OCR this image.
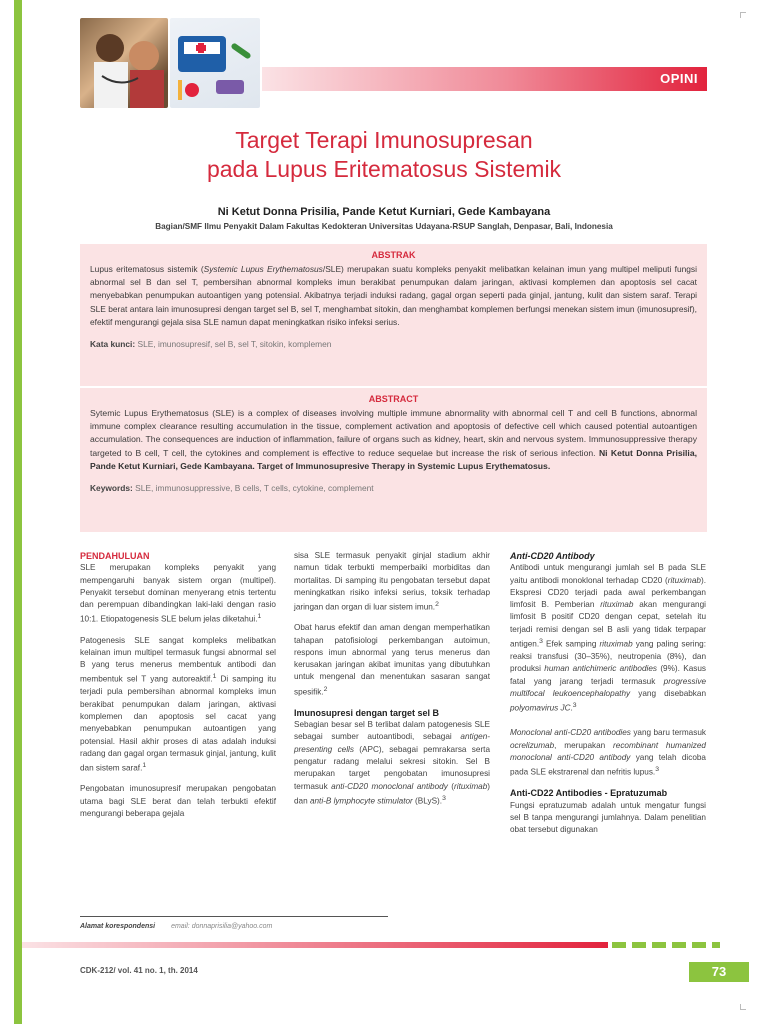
OPINI
Target Terapi Imunosupresan
pada Lupus Eritematosus Sistemik
Ni Ketut Donna Prisilia, Pande Ketut Kurniari, Gede Kambayana
Bagian/SMF Ilmu Penyakit Dalam Fakultas Kedokteran Universitas Udayana-RSUP Sanglah, Denpasar, Bali, Indonesia
ABSTRAK
Lupus eritematosus sistemik (Systemic Lupus Erythematosus/SLE) merupakan suatu kompleks penyakit melibatkan kelainan imun yang multipel meliputi fungsi abnormal sel B dan sel T, pembersihan abnormal kompleks imun berakibat penumpukan dalam jaringan, aktivasi komplemen dan apoptosis sel cacat menyebabkan penumpukan autoantigen yang potensial. Akibatnya terjadi induksi radang, gagal organ seperti pada ginjal, jantung, kulit dan sistem saraf. Terapi SLE berat antara lain imunosupresi dengan target sel B, sel T, menghambat sitokin, dan menghambat komplemen berfungsi menekan sistem imun (imunosupresif), efektif mengurangi gejala sisa SLE namun dapat meningkatkan risiko infeksi serius.
Kata kunci: SLE, imunosupresif, sel B, sel T, sitokin, komplemen
ABSTRACT
Sytemic Lupus Erythematosus (SLE) is a complex of diseases involving multiple immune abnormality with abnormal cell T and cell B functions, abnormal immune complex clearance resulting accumulation in the tissue, complement activation and apoptosis of defective cell which caused potential autoantigen accumulation. The consequences are induction of inflammation, failure of organs such as kidney, heart, skin and nervous system. Immunosuppressive therapy targeted to B cell, T cell, the cytokines and complement is effective to reduce sequelae but increase the risk of serious infection. Ni Ketut Donna Prisilia, Pande Ketut Kurniari, Gede Kambayana. Target of Immunosupresive Therapy in Systemic Lupus Erythematosus.
Keywords: SLE, immunosuppressive, B cells, T cells, cytokine, complement
PENDAHULUAN

SLE merupakan kompleks penyakit yang mempengaruhi banyak sistem organ (multipel). Penyakit tersebut dominan menyerang etnis tertentu dan perempuan dibandingkan laki-laki dengan rasio 10:1. Etiopatogenesis SLE belum jelas diketahui.$^1$

Patogenesis SLE sangat kompleks melibatkan kelainan imun multipel termasuk fungsi abnormal sel B yang terus menerus membentuk antibodi dan membentuk sel T yang autoreaktif.$^1$ Di samping itu terjadi pula pembersihan abnormal kompleks imun berakibat penumpukan dalam jaringan, aktivasi komplemen dan apoptosis sel cacat yang menyebabkan penumpukan autoantigen yang potensial. Hasil akhir proses di atas adalah induksi radang dan gagal organ termasuk ginjal, jantung, kulit dan sistem saraf.$^1$

Pengobatan imunosupresif merupakan pengobatan utama bagi SLE berat dan telah terbukti efektif mengurangi beberapa gejala

sisa SLE termasuk penyakit ginjal stadium akhir namun tidak terbukti memperbaiki morbiditas dan mortalitas. Di samping itu pengobatan tersebut dapat meningkatkan risiko infeksi serius, toksik terhadap jaringan dan organ di luar sistem imun.$^2$

Obat harus efektif dan aman dengan memperhatikan tahapan patofisiologi perkembangan autoimun, respons imun abnormal yang terus menerus dan kerusakan jaringan akibat imunitas yang dibutuhkan untuk mengenal dan menentukan sasaran sangat spesifik.$^2$

Imunosupresi dengan target sel B

Sebagian besar sel B terlibat dalam patogenesis SLE sebagai sumber autoantibodi, sebagai antigen-presenting cells (APC), sebagai pemrakarsa serta pengatur radang melalui sekresi sitokin. Sel B merupakan target pengobatan imunosupresi termasuk anti-CD20 monoclonal antibody (rituximab) dan anti-B lymphocyte stimulator (BLyS).$^3$

Anti-CD20 Antibody

Antibodi untuk mengurangi jumlah sel B pada SLE yaitu antibodi monoklonal terhadap CD20 (rituximab). Ekspresi CD20 terjadi pada awal perkembangan limfosit B. Pemberian rituximab akan mengurangi limfosit B positif CD20 dengan cepat, setelah itu terjadi remisi dengan sel B asli yang tidak terpapar antigen.$^3$ Efek samping rituximab yang paling sering: reaksi transfusi (30–35%), neutropenia (8%), dan produksi human antichimeric antibodies (9%). Kasus fatal yang jarang terjadi termasuk progressive multifocal leukoencephalopathy yang disebabkan polyomavirus JC.$^3$

Monoclonal anti-CD20 antibodies yang baru termasuk ocrelizumab, merupakan recombinant humanized monoclonal anti-CD20 antibody yang telah dicoba pada SLE ekstrarenal dan nefritis lupus.$^3$

Anti-CD22 Antibodies - Epratuzumab

Fungsi epratuzumab adalah untuk mengatur fungsi sel B tanpa mengurangi jumlahnya. Dalam penelitian obat tersebut digunakan

Alamat korespondensi email: donnaprisilia@yahoo.com
CDK-212/ vol. 41 no. 1, th. 2014	73
